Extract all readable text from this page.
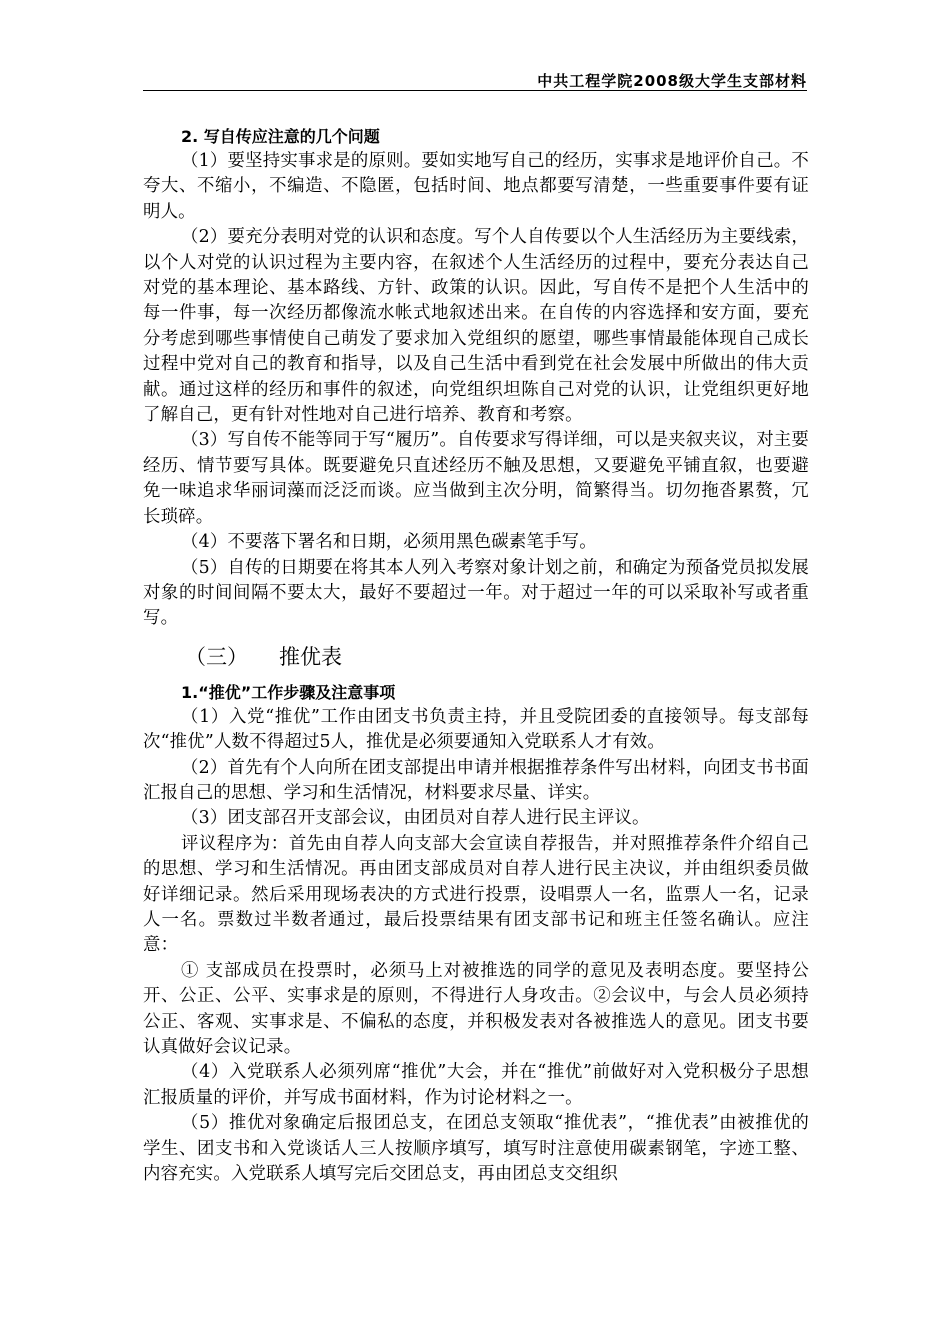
中共工程学院2008级大学生支部材料
2. 写自传应注意的几个问题

（1）要坚持实事求是的原则。要如实地写自己的经历，实事求是地评价自己。不夸大、不缩小，不编造、不隐匿，包括时间、地点都要写清楚，一些重要事件要有证明人。

（2）要充分表明对党的认识和态度。写个人自传要以个人生活经历为主要线索，以个人对党的认识过程为主要内容，在叙述个人生活经历的过程中，要充分表达自己对党的基本理论、基本路线、方针、政策的认识。因此，写自传不是把个人生活中的每一件事，每一次经历都像流水帐式地叙述出来。在自传的内容选择和安方面，要充分考虑到哪些事情使自己萌发了要求加入党组织的愿望，哪些事情最能体现自己成长过程中党对自己的教育和指导，以及自己生活中看到党在社会发展中所做出的伟大贡献。通过这样的经历和事件的叙述，向党组织坦陈自己对党的认识，让党组织更好地了解自己，更有针对性地对自己进行培养、教育和考察。

（3）写自传不能等同于写“履历”。自传要求写得详细，可以是夹叙夹议，对主要经历、情节要写具体。既要避免只直述经历不触及思想，又要避免平铺直叙，也要避免一味追求华丽词藻而泛泛而谈。应当做到主次分明，简繁得当。切勿拖沓累赘，冗长琐碎。

（4）不要落下署名和日期，必须用黑色碳素笔手写。

（5）自传的日期要在将其本人列入考察对象计划之前，和确定为预备党员拟发展对象的时间间隔不要太大，最好不要超过一年。对于超过一年的可以采取补写或者重写。

（三） 推优表
1.“推优”工作步骤及注意事项

（1）入党“推优”工作由团支书负责主持，并且受院团委的直接领导。每支部每次“推优”人数不得超过5人，推优是必须要通知入党联系人才有效。

（2）首先有个人向所在团支部提出申请并根据推荐条件写出材料，向团支书书面汇报自己的思想、学习和生活情况，材料要求尽量、详实。

（3）团支部召开支部会议，由团员对自荐人进行民主评议。

评议程序为：首先由自荐人向支部大会宣读自荐报告，并对照推荐条件介绍自己的思想、学习和生活情况。再由团支部成员对自荐人进行民主决议，并由组织委员做好详细记录。然后采用现场表决的方式进行投票，设唱票人一名，监票人一名，记录人一名。票数过半数者通过，最后投票结果有团支部书记和班主任签名确认。应注意：

① 支部成员在投票时，必须马上对被推选的同学的意见及表明态度。要坚持公开、公正、公平、实事求是的原则，不得进行人身攻击。②会议中，与会人员必须持公正、客观、实事求是、不偏私的态度，并积极发表对各被推选人的意见。团支书要认真做好会议记录。

（4）入党联系人必须列席“推优”大会，并在“推优”前做好对入党积极分子思想汇报质量的评价，并写成书面材料，作为讨论材料之一。

（5）推优对象确定后报团总支，在团总支领取“推优表”，“推优表”由被推优的学生、团支书和入党谈话人三人按顺序填写，填写时注意使用碳素钢笔，字迹工整、内容充实。入党联系人填写完后交团总支，再由团总支交组织
